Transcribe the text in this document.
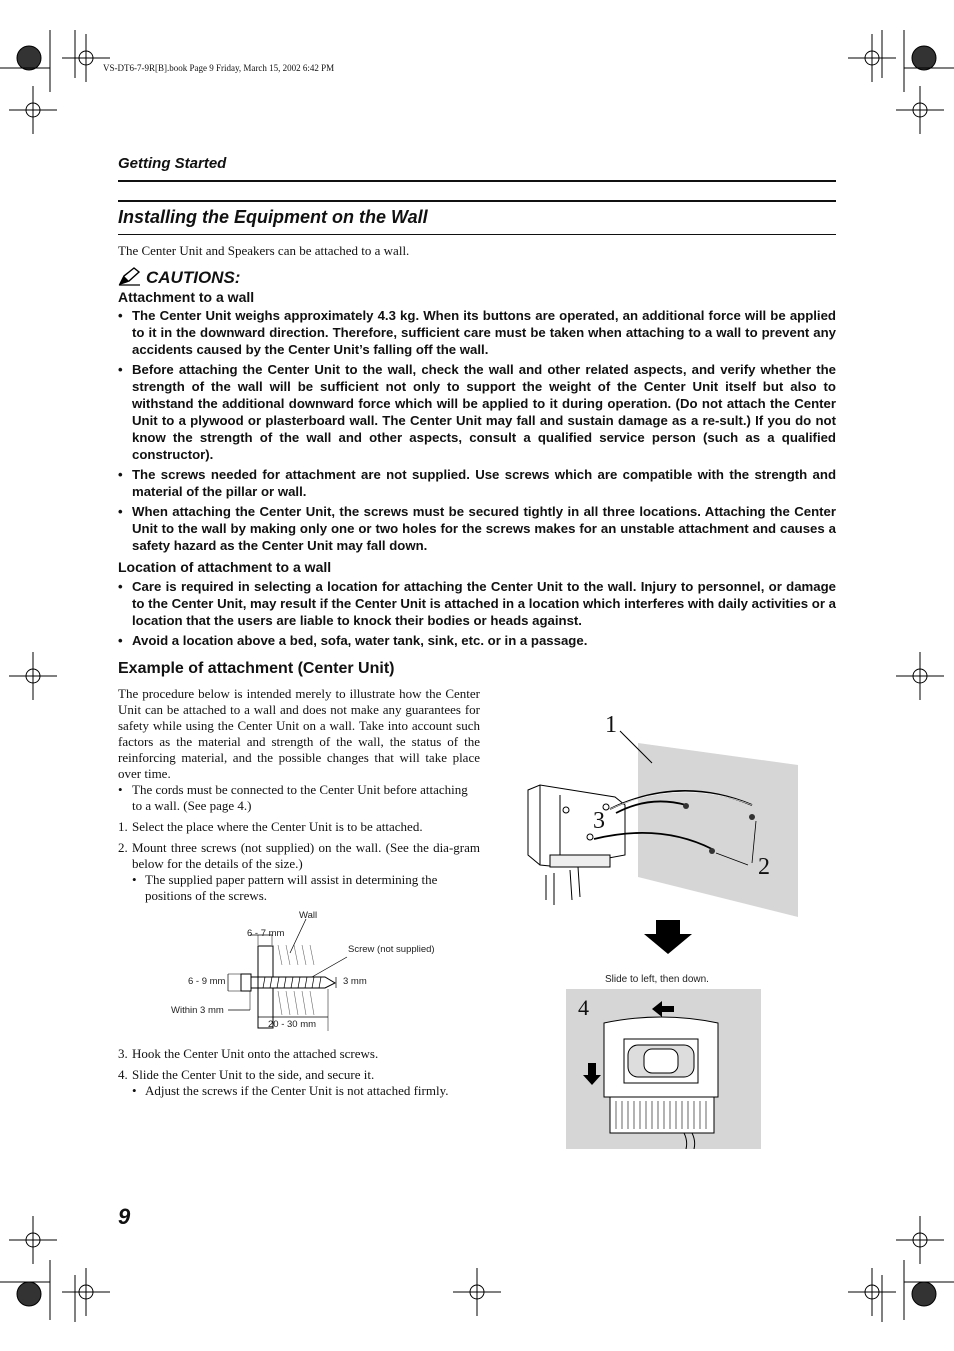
VS-DT6-7-9R[B].book Page 9 Friday, March 15, 2002 6:42 PM
Getting Started
Installing the Equipment on the Wall
The Center Unit and Speakers can be attached to a wall.
CAUTIONS:
Attachment to a wall
• The Center Unit weighs approximately 4.3 kg. When its buttons are operated, an additional force will be applied to it in the downward direction. Therefore, sufficient care must be taken when attaching to a wall to prevent any accidents caused by the Center Unit’s falling off the wall.
• Before attaching the Center Unit to the wall, check the wall and other related aspects, and verify whether the strength of the wall will be sufficient not only to support the weight of the Center Unit itself but also to withstand the additional downward force which will be applied to it during operation. (Do not attach the Center Unit to a plywood or plasterboard wall. The Center Unit may fall and sustain damage as a re-sult.) If you do not know the strength of the wall and other aspects, consult a qualified service person (such as a qualified constructor).
• The screws needed for attachment are not supplied. Use screws which are compatible with the strength and material of the pillar or wall.
• When attaching the Center Unit, the screws must be secured tightly in all three locations. Attaching the Center Unit to the wall by making only one or two holes for the screws makes for an unstable attachment and causes a safety hazard as the Center Unit may fall down.
Location of attachment to a wall
• Care is required in selecting a location for attaching the Center Unit to the wall. Injury to personnel, or damage to the Center Unit, may result if the Center Unit is attached in a location which interferes with daily activities or a location that the users are liable to knock their bodies or heads against.
• Avoid a location above a bed, sofa, water tank, sink, etc. or in a passage.
Example of attachment (Center Unit)
The procedure below is intended merely to illustrate how the Center Unit can be attached to a wall and does not make any guarantees for safety while using the Center Unit on a wall. Take into account such factors as the material and strength of the wall, the status of the reinforcing material, and the possible changes that will take place over time.
• The cords must be connected to the Center Unit before attaching to a wall. (See page 4.)
1. Select the place where the Center Unit is to be attached.
2. Mount three screws (not supplied) on the wall. (See the dia-gram below for the details of the size.)
• The supplied paper pattern will assist in determining the positions of the screws.
Wall
6 - 7 mm
Screw (not supplied)
6 - 9 mm	3 mm
Within 3 mm
20 - 30 mm
3. Hook the Center Unit onto the attached screws.
4. Slide the Center Unit to the side, and secure it.
• Adjust the screws if the Center Unit is not attached firmly.
1
3
2
Slide to left, then down.
4
9
